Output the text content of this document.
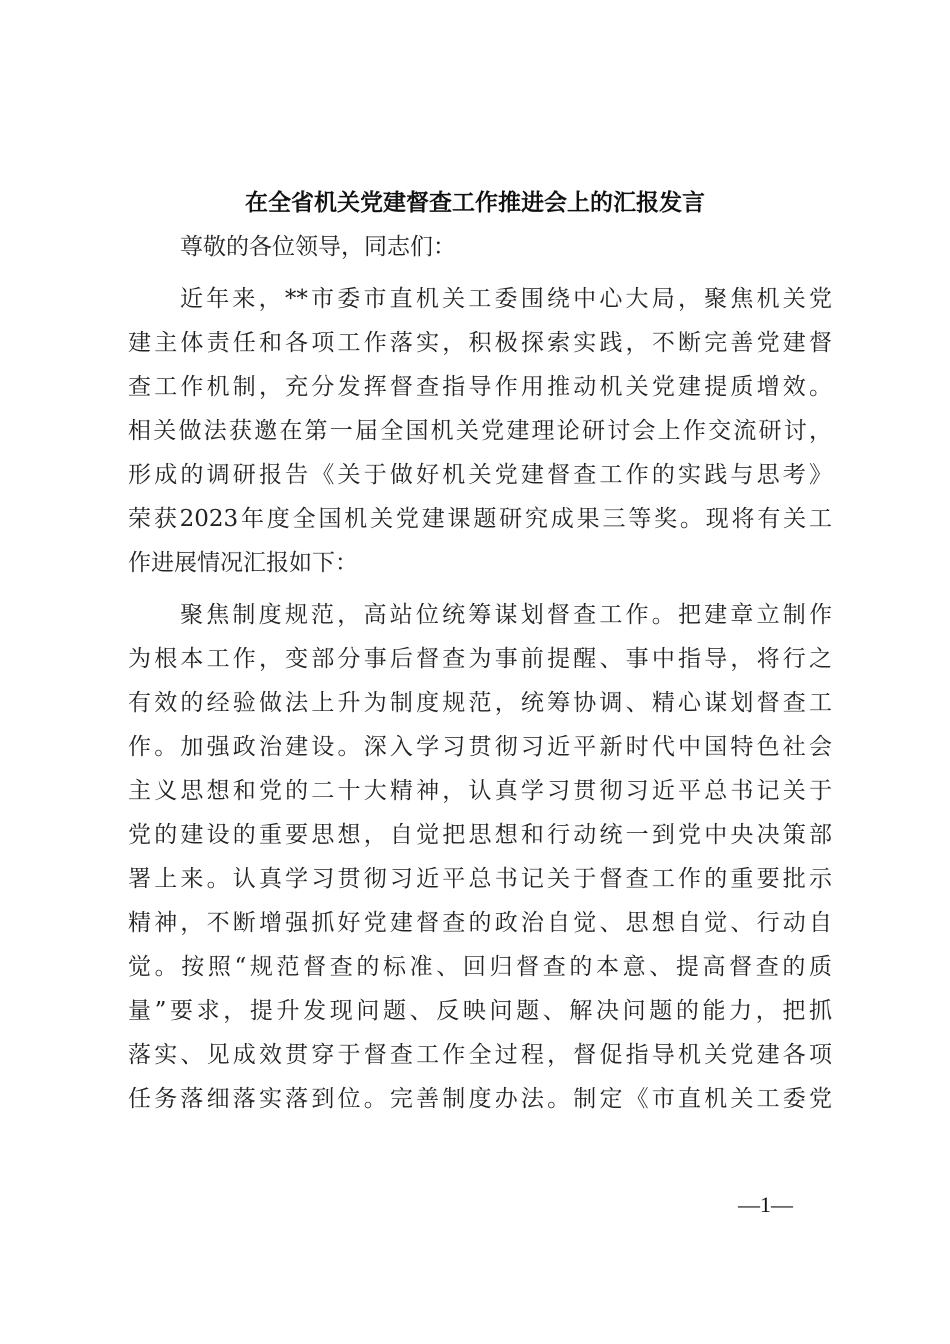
在全省机关党建督查工作推进会上的汇报发言
尊敬的各位领导，同志们：
近年来，**市委市直机关工委围绕中心大局，聚焦机关党
建主体责任和各项工作落实，积极探索实践，不断完善党建督
查工作机制，充分发挥督查指导作用推动机关党建提质增效。
相关做法获邀在第一届全国机关党建理论研讨会上作交流研讨，
形成的调研报告《关于做好机关党建督查工作的实践与思考》
荣获2023年度全国机关党建课题研究成果三等奖。现将有关工
作进展情况汇报如下：
聚焦制度规范，高站位统筹谋划督查工作。把建章立制作
为根本工作，变部分事后督查为事前提醒、事中指导，将行之
有效的经验做法上升为制度规范，统筹协调、精心谋划督查工
作。加强政治建设。深入学习贯彻习近平新时代中国特色社会
主义思想和党的二十大精神，认真学习贯彻习近平总书记关于
党的建设的重要思想，自觉把思想和行动统一到党中央决策部
署上来。认真学习贯彻习近平总书记关于督查工作的重要批示
精神，不断增强抓好党建督查的政治自觉、思想自觉、行动自
觉。按照“规范督查的标准、回归督查的本意、提高督查的质
量”要求，提升发现问题、反映问题、解决问题的能力，把抓
落实、见成效贯穿于督查工作全过程，督促指导机关党建各项
任务落细落实落到位。完善制度办法。制定《市直机关工委党
—1—
